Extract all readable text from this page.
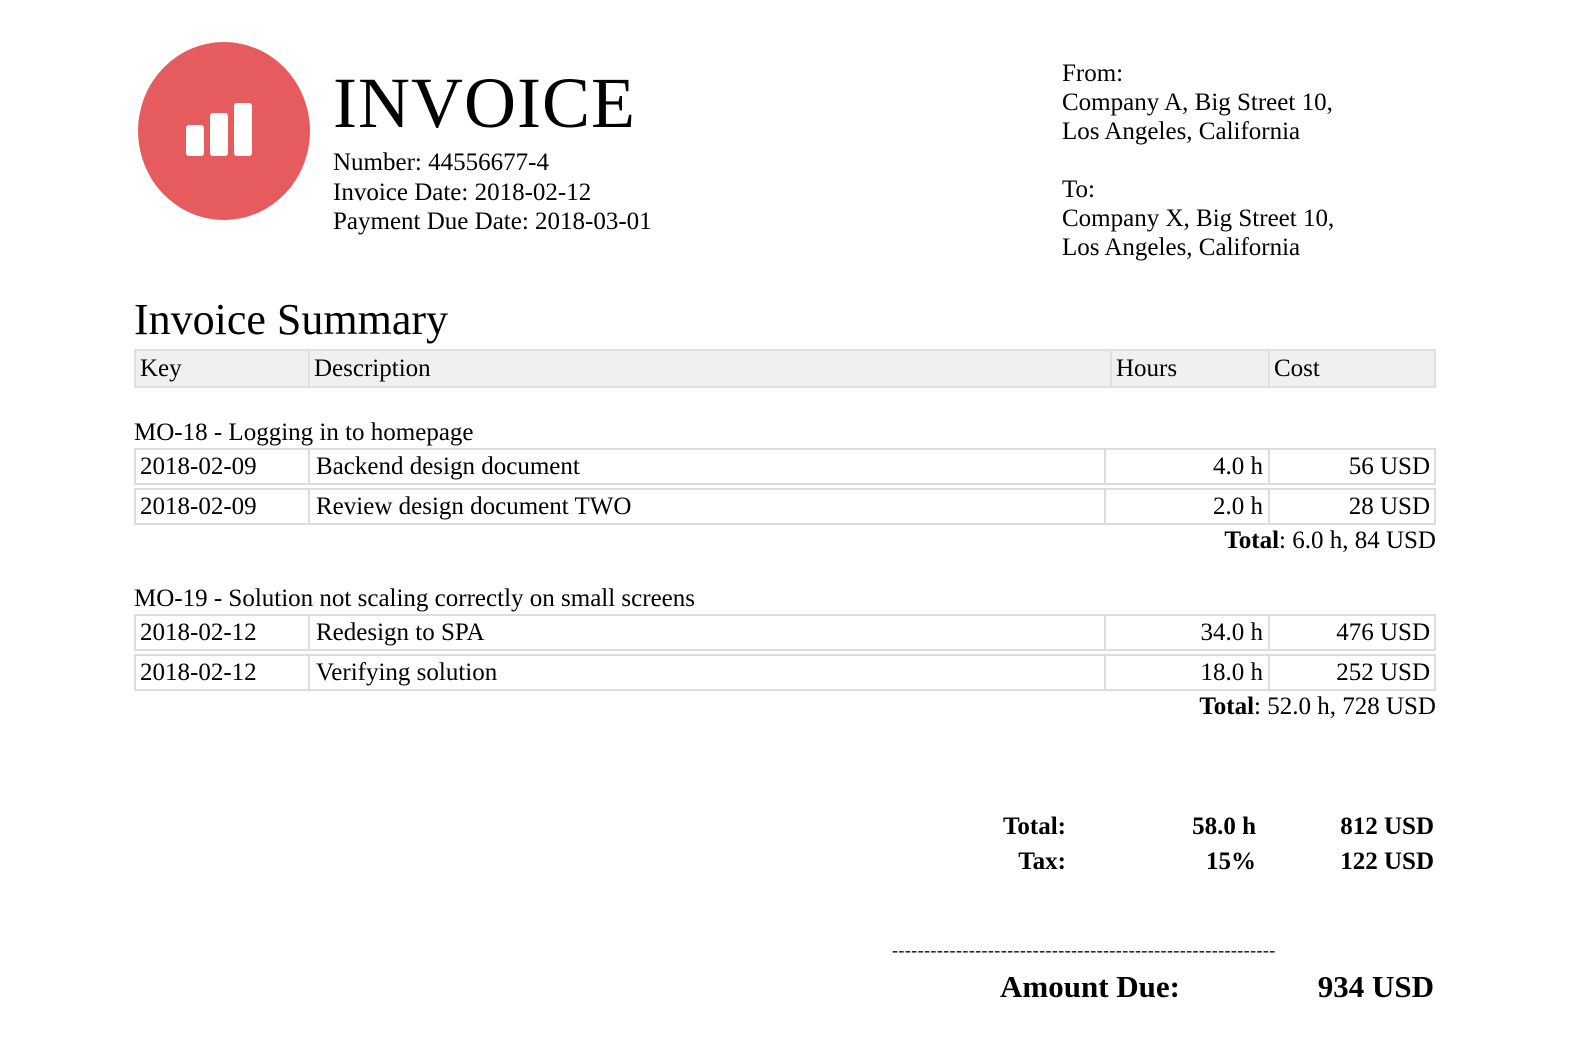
INVOICE
Number: 44556677-4
Invoice Date: 2018-02-12
Payment Due Date: 2018-03-01
From:
Company A, Big Street 10,
Los Angeles, California
To:
Company X, Big Street 10,
Los Angeles, California
Invoice Summary
Key	Description	Hours	Cost
MO-18 - Logging in to homepage
2018-02-09	Backend design document	4.0 h	56 USD
2018-02-09	Review design document TWO	2.0 h	28 USD
Total: 6.0 h, 84 USD
MO-19 - Solution not scaling correctly on small screens
2018-02-12	Redesign to SPA	34.0 h	476 USD
2018-02-12	Verifying solution	18.0 h	252 USD
Total: 52.0 h, 728 USD
Total:	58.0 h	812 USD
Tax:	15%	122 USD
------------------------------------------------------------
Amount Due:	934 USD
